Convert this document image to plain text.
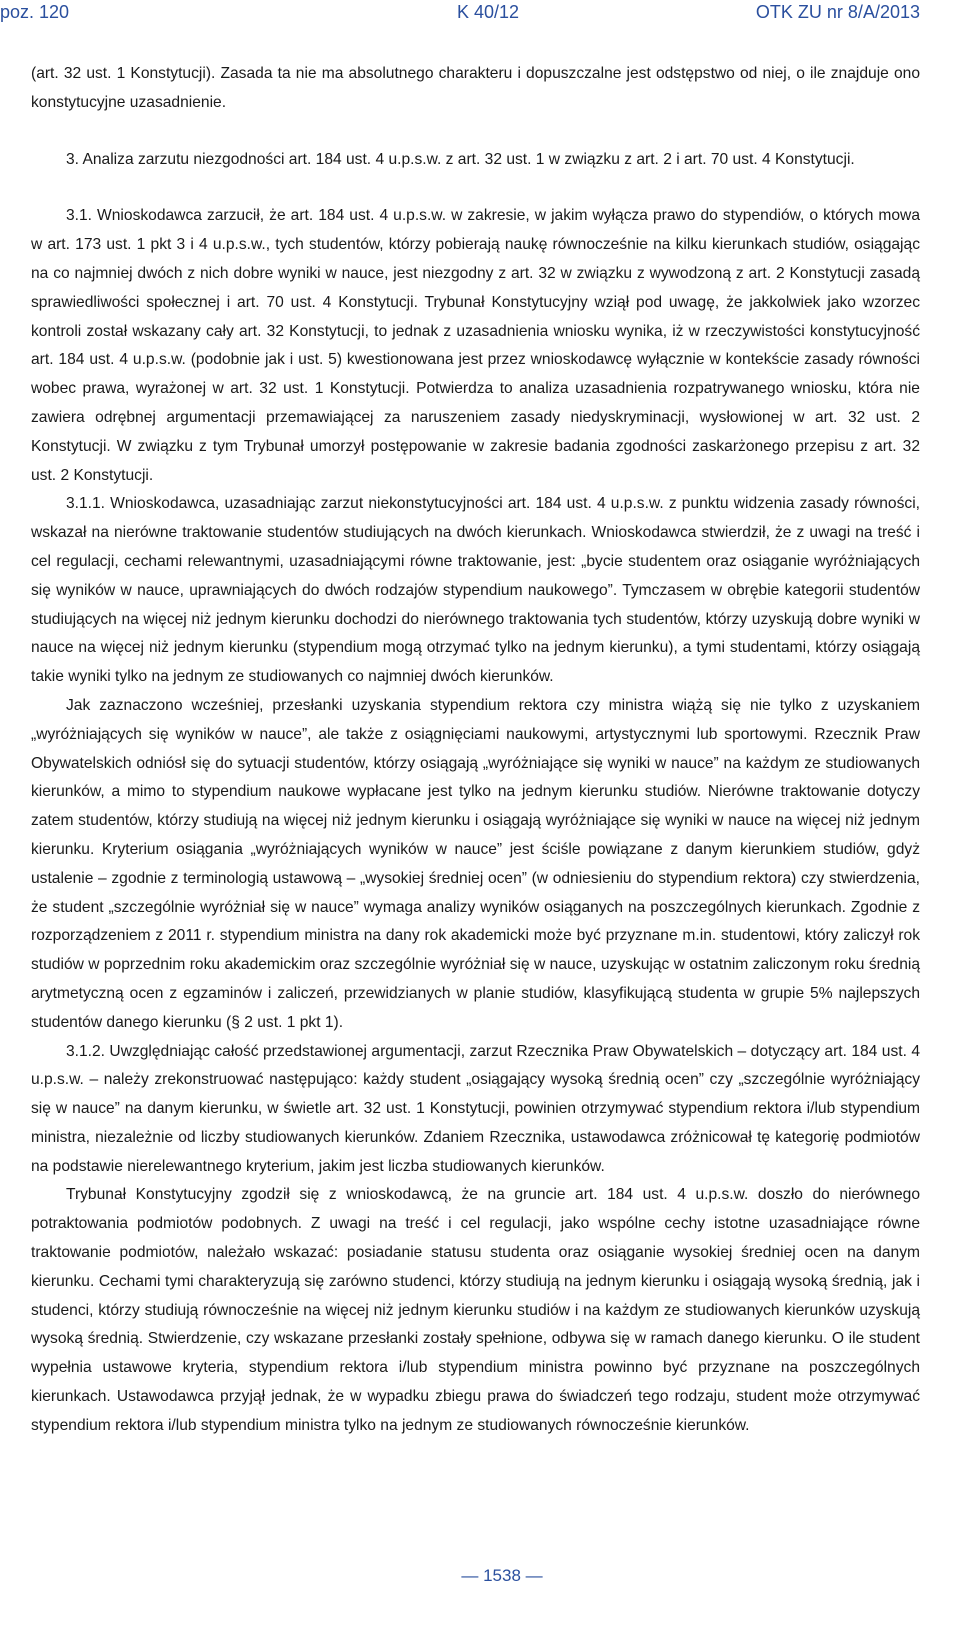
poz. 120	K 40/12	OTK ZU nr 8/A/2013

(art. 32 ust. 1 Konstytucji). Zasada ta nie ma absolutnego charakteru i dopuszczalne jest odstępstwo od niej, o ile znajduje ono konstytucyjne uzasadnienie.

3. Analiza zarzutu niezgodności art. 184 ust. 4 u.p.s.w. z art. 32 ust. 1 w związku z art. 2 i art. 70 ust. 4 Konstytucji.

3.1. Wnioskodawca zarzucił, że art. 184 ust. 4 u.p.s.w. w zakresie, w jakim wyłącza prawo do stypendiów, o których mowa w art. 173 ust. 1 pkt 3 i 4 u.p.s.w., tych studentów, którzy pobierają naukę równocześnie na kilku kierunkach studiów, osiągając na co najmniej dwóch z nich dobre wyniki w nauce, jest niezgodny z art. 32 w związku z wywodzoną z art. 2 Konstytucji zasadą sprawiedliwości społecznej i art. 70 ust. 4 Konstytucji. Trybunał Konstytucyjny wziął pod uwagę, że jakkolwiek jako wzorzec kontroli został wskazany cały art. 32 Konstytucji, to jednak z uzasadnienia wniosku wynika, iż w rzeczywistości konstytucyjność art. 184 ust. 4 u.p.s.w. (podobnie jak i ust. 5) kwestionowana jest przez wnioskodawcę wyłącznie w kontekście zasady równości wobec prawa, wyrażonej w art. 32 ust. 1 Konstytucji. Potwierdza to analiza uzasadnienia rozpatrywanego wniosku, która nie zawiera odrębnej argumentacji przemawiającej za naruszeniem zasady niedyskryminacji, wysłowionej w art. 32 ust. 2 Konstytucji. W związku z tym Trybunał umorzył postępowanie w zakresie badania zgodności zaskarżonego przepisu z art. 32 ust. 2 Konstytucji.

3.1.1. Wnioskodawca, uzasadniając zarzut niekonstytucyjności art. 184 ust. 4 u.p.s.w. z punktu widzenia zasady równości, wskazał na nierówne traktowanie studentów studiujących na dwóch kierunkach. Wnioskodawca stwierdził, że z uwagi na treść i cel regulacji, cechami relewantnymi, uzasadniającymi równe traktowanie, jest: „bycie studentem oraz osiąganie wyróżniających się wyników w nauce, uprawniających do dwóch rodzajów stypendium naukowego”. Tymczasem w obrębie kategorii studentów studiujących na więcej niż jednym kierunku dochodzi do nierównego traktowania tych studentów, którzy uzyskują dobre wyniki w nauce na więcej niż jednym kierunku (stypendium mogą otrzymać tylko na jednym kierunku), a tymi studentami, którzy osiągają takie wyniki tylko na jednym ze studiowanych co najmniej dwóch kierunków.

Jak zaznaczono wcześniej, przesłanki uzyskania stypendium rektora czy ministra wiążą się nie tylko z uzyskaniem „wyróżniających się wyników w nauce”, ale także z osiągnięciami naukowymi, artystycznymi lub sportowymi. Rzecznik Praw Obywatelskich odniósł się do sytuacji studentów, którzy osiągają „wyróżniające się wyniki w nauce” na każdym ze studiowanych kierunków, a mimo to stypendium naukowe wypłacane jest tylko na jednym kierunku studiów. Nierówne traktowanie dotyczy zatem studentów, którzy studiują na więcej niż jednym kierunku i osiągają wyróżniające się wyniki w nauce na więcej niż jednym kierunku. Kryterium osiągania „wyróżniających wyników w nauce” jest ściśle powiązane z danym kierunkiem studiów, gdyż ustalenie – zgodnie z terminologią ustawową – „wysokiej średniej ocen” (w odniesieniu do stypendium rektora) czy stwierdzenia, że student „szczególnie wyróżniał się w nauce” wymaga analizy wyników osiąganych na poszczególnych kierunkach. Zgodnie z rozporządzeniem z 2011 r. stypendium ministra na dany rok akademicki może być przyznane m.in. studentowi, który zaliczył rok studiów w poprzednim roku akademickim oraz szczególnie wyróżniał się w nauce, uzyskując w ostatnim zaliczonym roku średnią arytmetyczną ocen z egzaminów i zaliczeń, przewidzianych w planie studiów, klasyfikującą studenta w grupie 5% najlepszych studentów danego kierunku (§ 2 ust. 1 pkt 1).

3.1.2. Uwzględniając całość przedstawionej argumentacji, zarzut Rzecznika Praw Obywatelskich – dotyczący art. 184 ust. 4 u.p.s.w. – należy zrekonstruować następująco: każdy student „osiągający wysoką średnią ocen” czy „szczególnie wyróżniający się w nauce” na danym kierunku, w świetle art. 32 ust. 1 Konstytucji, powinien otrzymywać stypendium rektora i/lub stypendium ministra, niezależnie od liczby studiowanych kierunków. Zdaniem Rzecznika, ustawodawca zróżnicował tę kategorię podmiotów na podstawie nierelewantnego kryterium, jakim jest liczba studiowanych kierunków.

Trybunał Konstytucyjny zgodził się z wnioskodawcą, że na gruncie art. 184 ust. 4 u.p.s.w. doszło do nierównego potraktowania podmiotów podobnych. Z uwagi na treść i cel regulacji, jako wspólne cechy istotne uzasadniające równe traktowanie podmiotów, należało wskazać: posiadanie statusu studenta oraz osiąganie wysokiej średniej ocen na danym kierunku. Cechami tymi charakteryzują się zarówno studenci, którzy studiują na jednym kierunku i osiągają wysoką średnią, jak i studenci, którzy studiują równocześnie na więcej niż jednym kierunku studiów i na każdym ze studiowanych kierunków uzyskują wysoką średnią. Stwierdzenie, czy wskazane przesłanki zostały spełnione, odbywa się w ramach danego kierunku. O ile student wypełnia ustawowe kryteria, stypendium rektora i/lub stypendium ministra powinno być przyznane na poszczególnych kierunkach. Ustawodawca przyjął jednak, że w wypadku zbiegu prawa do świadczeń tego rodzaju, student może otrzymywać stypendium rektora i/lub stypendium ministra tylko na jednym ze studiowanych równocześnie kierunków.

— 1538 —
